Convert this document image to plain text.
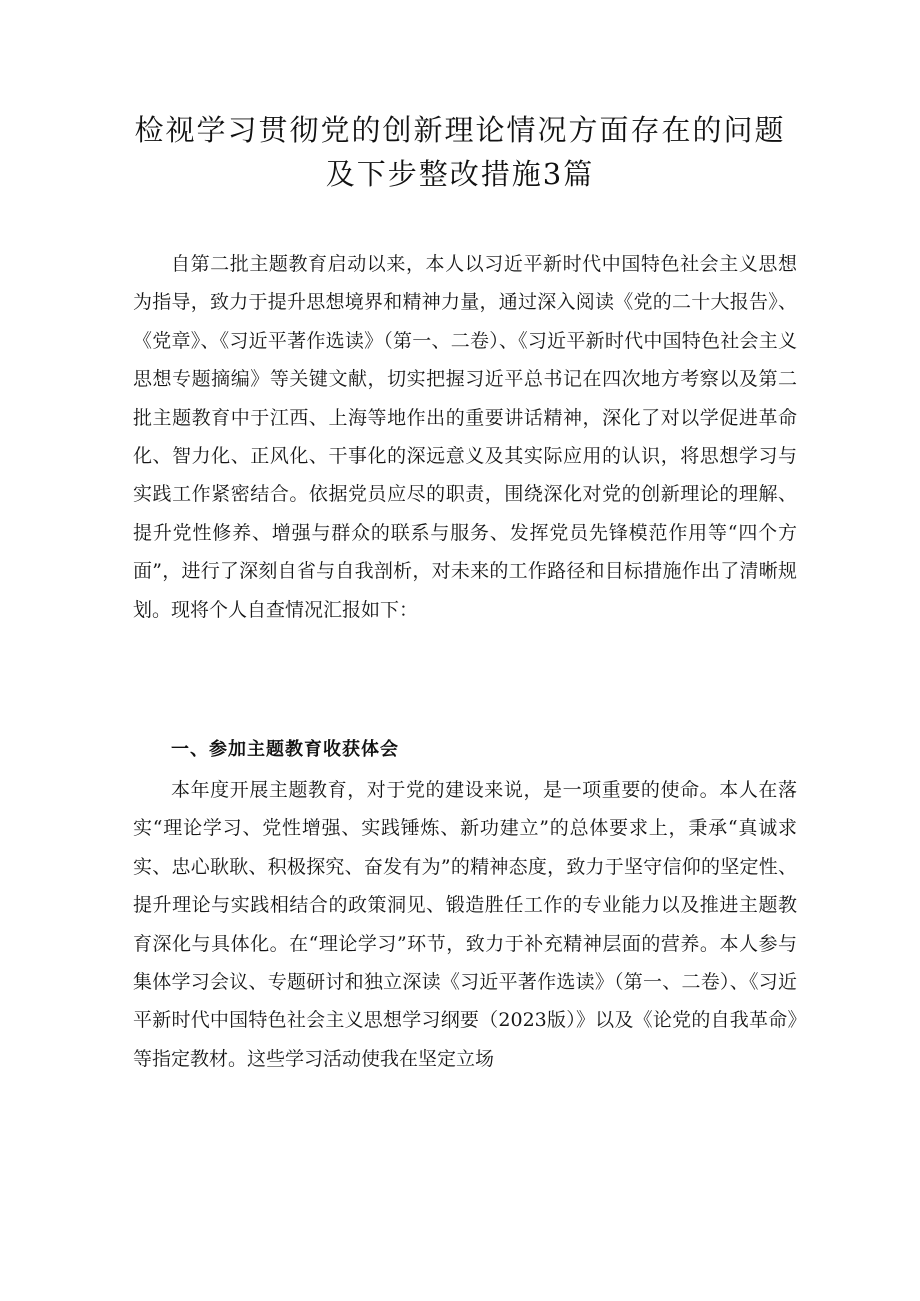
检视学习贯彻党的创新理论情况方面存在的问题
及下步整改措施3篇

自第二批主题教育启动以来，本人以习近平新时代中国特色社会主义思想为指导，致力于提升思想境界和精神力量，通过深入阅读《党的二十大报告》、《党章》、《习近平著作选读》（第一、二卷）、《习近平新时代中国特色社会主义思想专题摘编》等关键文献，切实把握习近平总书记在四次地方考察以及第二批主题教育中于江西、上海等地作出的重要讲话精神，深化了对以学促进革命化、智力化、正风化、干事化的深远意义及其实际应用的认识，将思想学习与实践工作紧密结合。依据党员应尽的职责，围绕深化对党的创新理论的理解、提升党性修养、增强与群众的联系与服务、发挥党员先锋模范作用等“四个方面”，进行了深刻自省与自我剖析，对未来的工作路径和目标措施作出了清晰规划。现将个人自查情况汇报如下：

一、参加主题教育收获体会

本年度开展主题教育，对于党的建设来说，是一项重要的使命。本人在落实“理论学习、党性增强、实践锤炼、新功建立”的总体要求上，秉承“真诚求实、忠心耿耿、积极探究、奋发有为”的精神态度，致力于坚守信仰的坚定性、提升理论与实践相结合的政策洞见、锻造胜任工作的专业能力以及推进主题教育深化与具体化。在“理论学习”环节，致力于补充精神层面的营养。本人参与集体学习会议、专题研讨和独立深读《习近平著作选读》（第一、二卷）、《习近平新时代中国特色社会主义思想学习纲要（2023版）》以及《论党的自我革命》等指定教材。这些学习活动使我在坚定立场
